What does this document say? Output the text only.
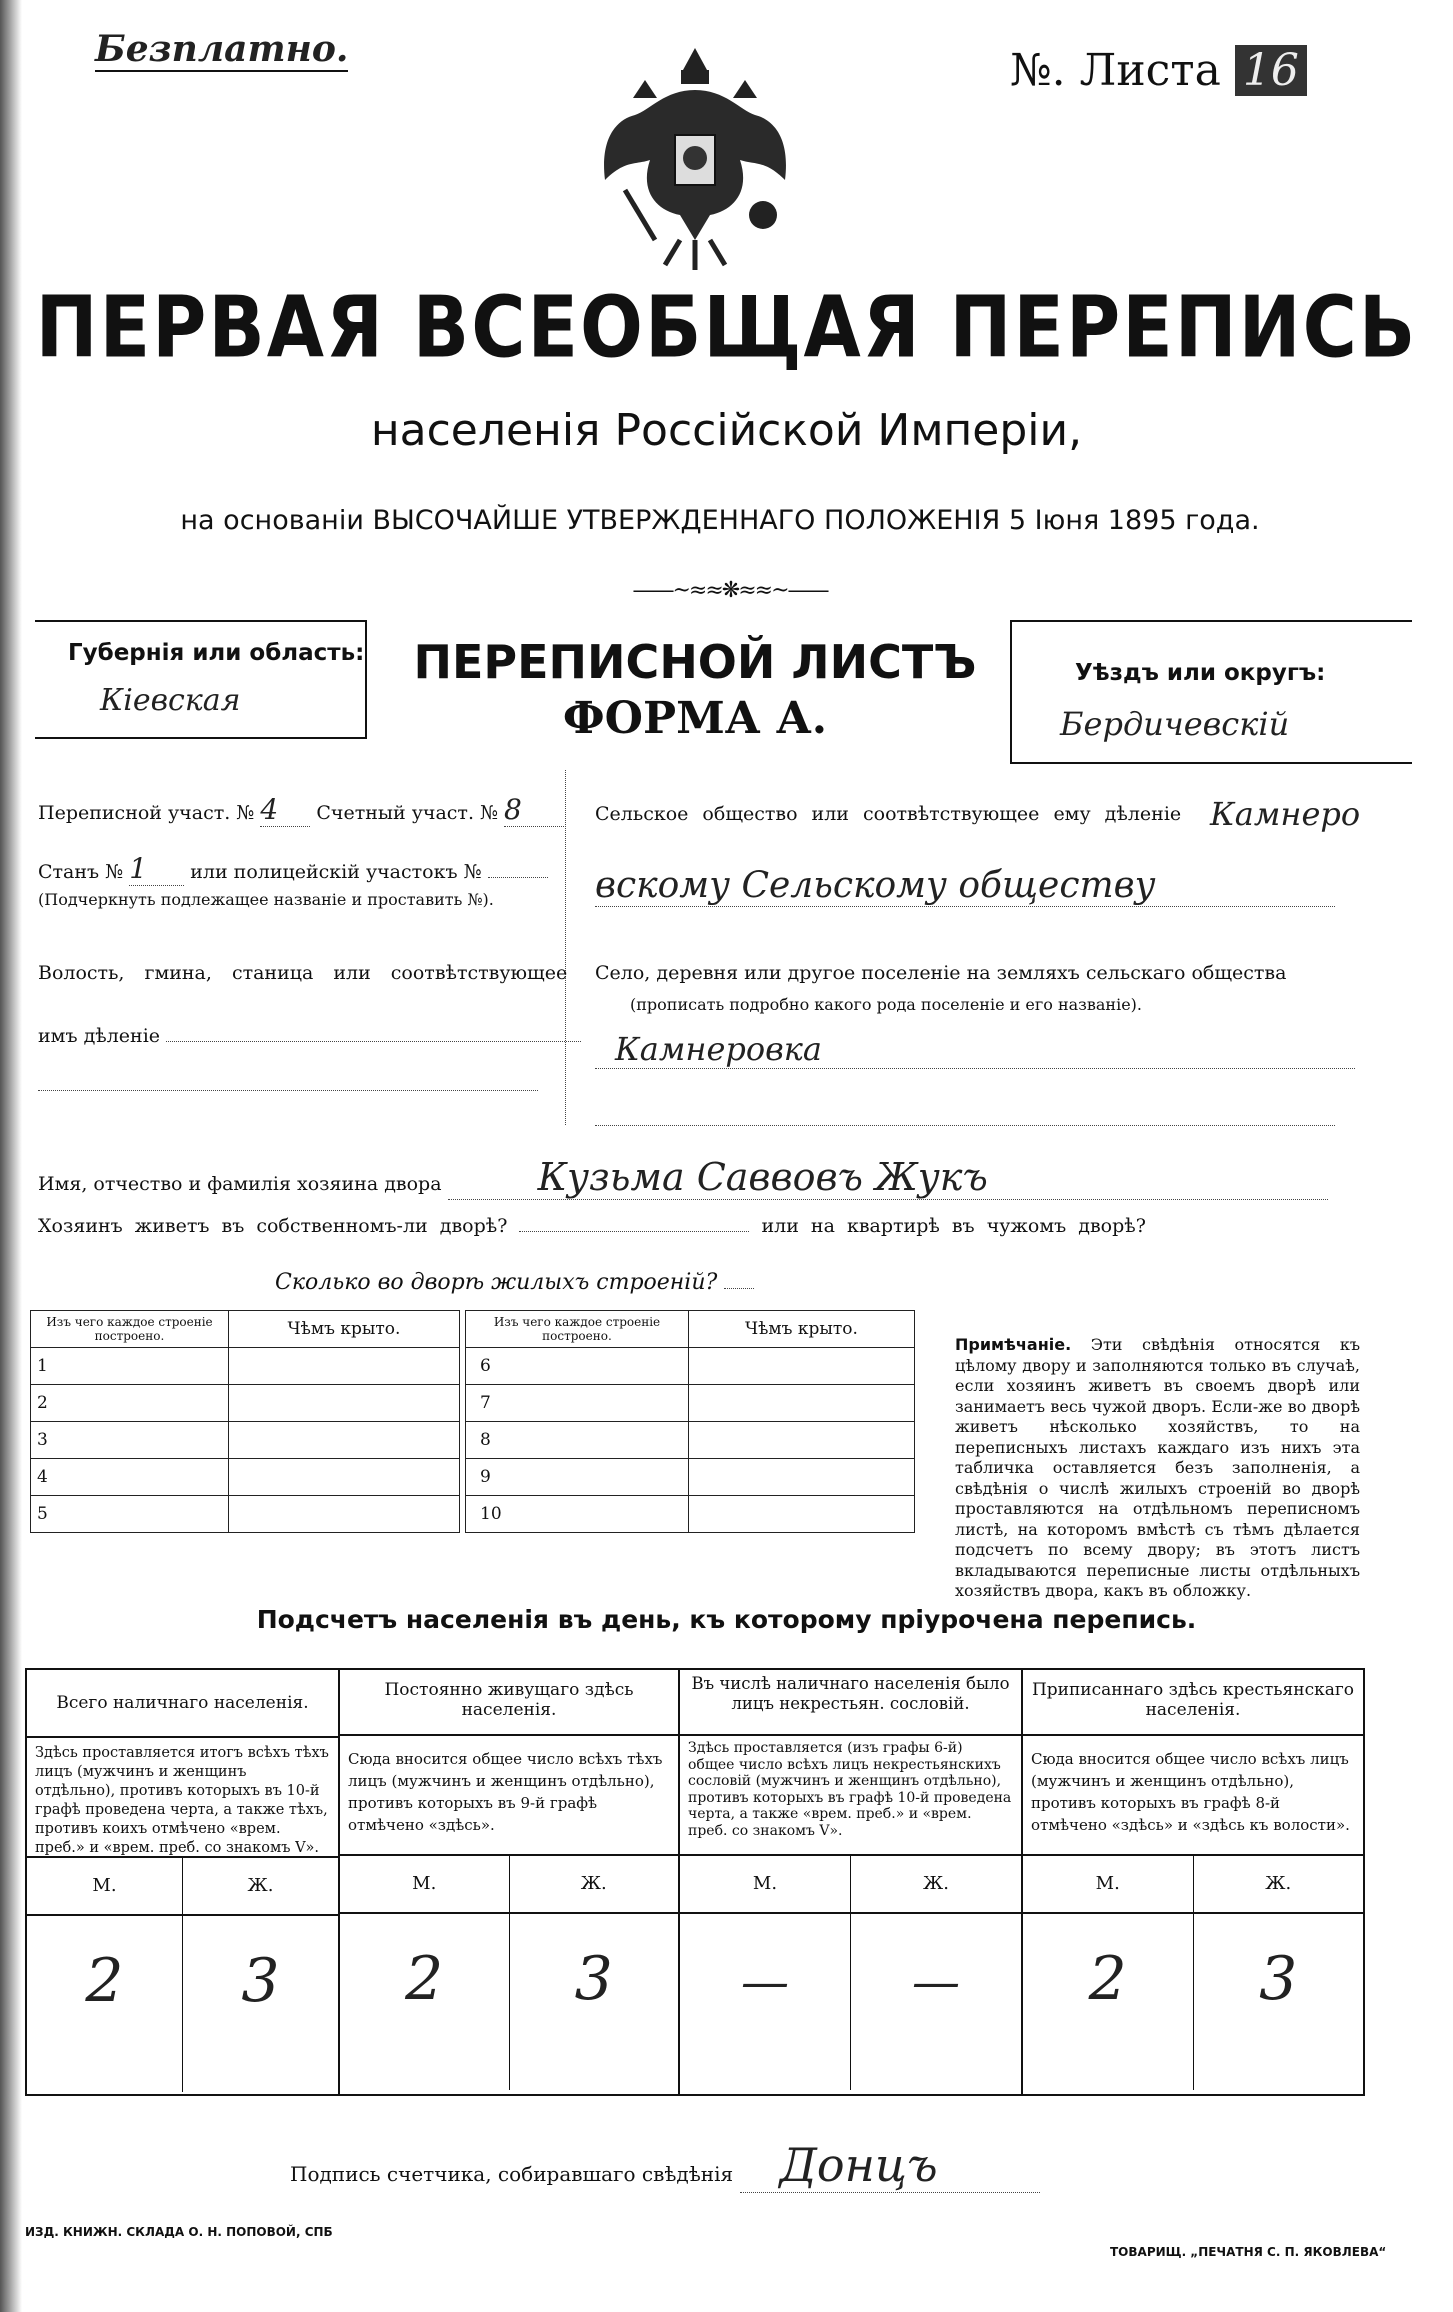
Безплатно.	№. Листа 16
ПЕРВАЯ ВСЕОБЩАЯ ПЕРЕПИСЬ
населенія Россійской Имперіи,
на основаніи ВЫСОЧАЙШЕ УТВЕРЖДЕННАГО ПОЛОЖЕНІЯ 5 Іюня 1895 года.
——~≈≈❋≈≈~——
Губернія или область:
Кіевская
ПЕРЕПИСНОЙ ЛИСТЪ
ФОРМА А.
Уѣздъ или округъ:
Бердичевскій
Переписной участ. № 4 Счетный участ. № 8
Станъ № 1 или полицейскій участокъ №
(Подчеркнуть подлежащее названіе и проставить №).
Волость, гмина, станица или соотвѣтствующее
имъ дѣленіе
Сельское общество или соотвѣтствующее ему дѣленіе Камнеро
вскому Сельскому обществу
Село, деревня или другое поселеніе на земляхъ сельскаго общества
(прописать подробно какого рода поселеніе и его названіе).
Камнеровка
Имя, отчество и фамилія хозяина двора	Кузьма Саввовъ Жукъ
Хозяинъ живетъ въ собственномъ-ли дворѣ?	или на квартирѣ въ чужомъ дворѣ?
Сколько во дворѣ жилыхъ строеній?
Изъ чего каждое строеніе построено.	Чѣмъ крыто.
1	
2	
3	
4	
5	
Изъ чего каждое строеніе построено.	Чѣмъ крыто.
6	
7	
8	
9	
10	
Примѣчаніе. Эти свѣдѣнія относятся къ цѣлому двору и заполняются только въ случаѣ, если хозяинъ живетъ въ своемъ дворѣ или занимаетъ весь чужой дворъ. Если-же во дворѣ живетъ нѣсколько хозяйствъ, то на переписныхъ листахъ каждаго изъ нихъ эта табличка оставляется безъ заполненія, а свѣдѣнія о числѣ жилыхъ строеній во дворѣ проставляются на отдѣльномъ переписномъ листѣ, на которомъ вмѣстѣ съ тѣмъ дѣлается подсчетъ по всему двору; въ этотъ листъ вкладываются переписные листы отдѣльныхъ хозяйствъ двора, какъ въ обложку.
Подсчетъ населенія въ день, къ которому пріурочена перепись.
Всего наличнаго населенія.
Здѣсь проставляется итогъ всѣхъ тѣхъ лицъ (мужчинъ и женщинъ отдѣльно), противъ которыхъ въ 10-й графѣ проведена черта, а также тѣхъ, противъ коихъ отмѣчено «врем. преб.» и «врем. преб. со знакомъ V».
М.	Ж.
2	3
Постоянно живущаго здѣсь населенія.
Сюда вносится общее число всѣхъ тѣхъ лицъ (мужчинъ и женщинъ отдѣльно), противъ которыхъ въ 9-й графѣ отмѣчено «здѣсь».
М.	Ж.
2	3
Въ числѣ наличнаго населенія было лицъ некрестьян. сословій.
Здѣсь проставляется (изъ графы 6-й) общее число всѣхъ лицъ некрестьянскихъ сословій (мужчинъ и женщинъ отдѣльно), противъ которыхъ въ графѣ 10-й проведена черта, а также «врем. преб.» и «врем. преб. со знакомъ V».
М.	Ж.
—	—
Приписаннаго здѣсь крестьянскаго населенія.
Сюда вносится общее число всѣхъ лицъ (мужчинъ и женщинъ отдѣльно), противъ которыхъ въ графѣ 8-й отмѣчено «здѣсь» и «здѣсь къ волости».
М.	Ж.
2	3
Подпись счетчика, собиравшаго свѣдѣнія Донцъ
ИЗД. КНИЖН. СКЛАДА О. Н. ПОПОВОЙ, СПБ
ТОВАРИЩ. „ПЕЧАТНЯ С. П. ЯКОВЛЕВА“
